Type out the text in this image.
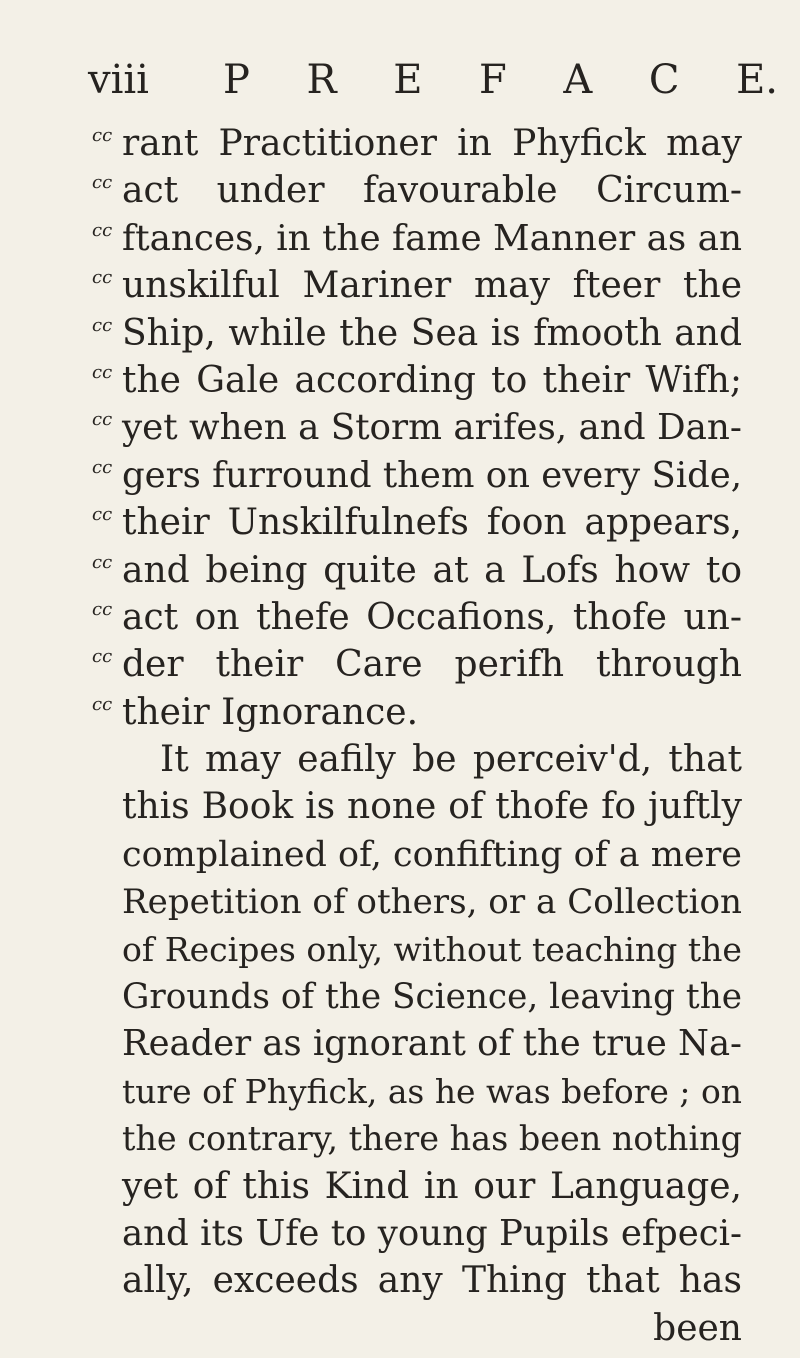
viii P R E F A C E.
cc rant Practitioner in Phyfick may
cc act under favourable Circum-
cc ftances, in the fame Manner as an
cc unskilful Mariner may fteer the
cc Ship, while the Sea is fmooth and
cc the Gale according to their Wifh;
cc yet when a Storm arifes, and Dan-
cc gers furround them on every Side,
cc their Unskilfulnefs foon appears,
cc and being quite at a Lofs how to
cc act on thefe Occafions, thofe un-
cc der their Care perifh through
cc their Ignorance.
It may eafily be perceiv'd, that
this Book is none of thofe fo juftly
complained of, confifting of a mere
Repetition of others, or a Collection
of Recipes only, without teaching the
Grounds of the Science, leaving the
Reader as ignorant of the true Na-
ture of Phyfick, as he was before ; on
the contrary, there has been nothing
yet of this Kind in our Language,
and its Ufe to young Pupils efpeci-
ally, exceeds any Thing that has
been
